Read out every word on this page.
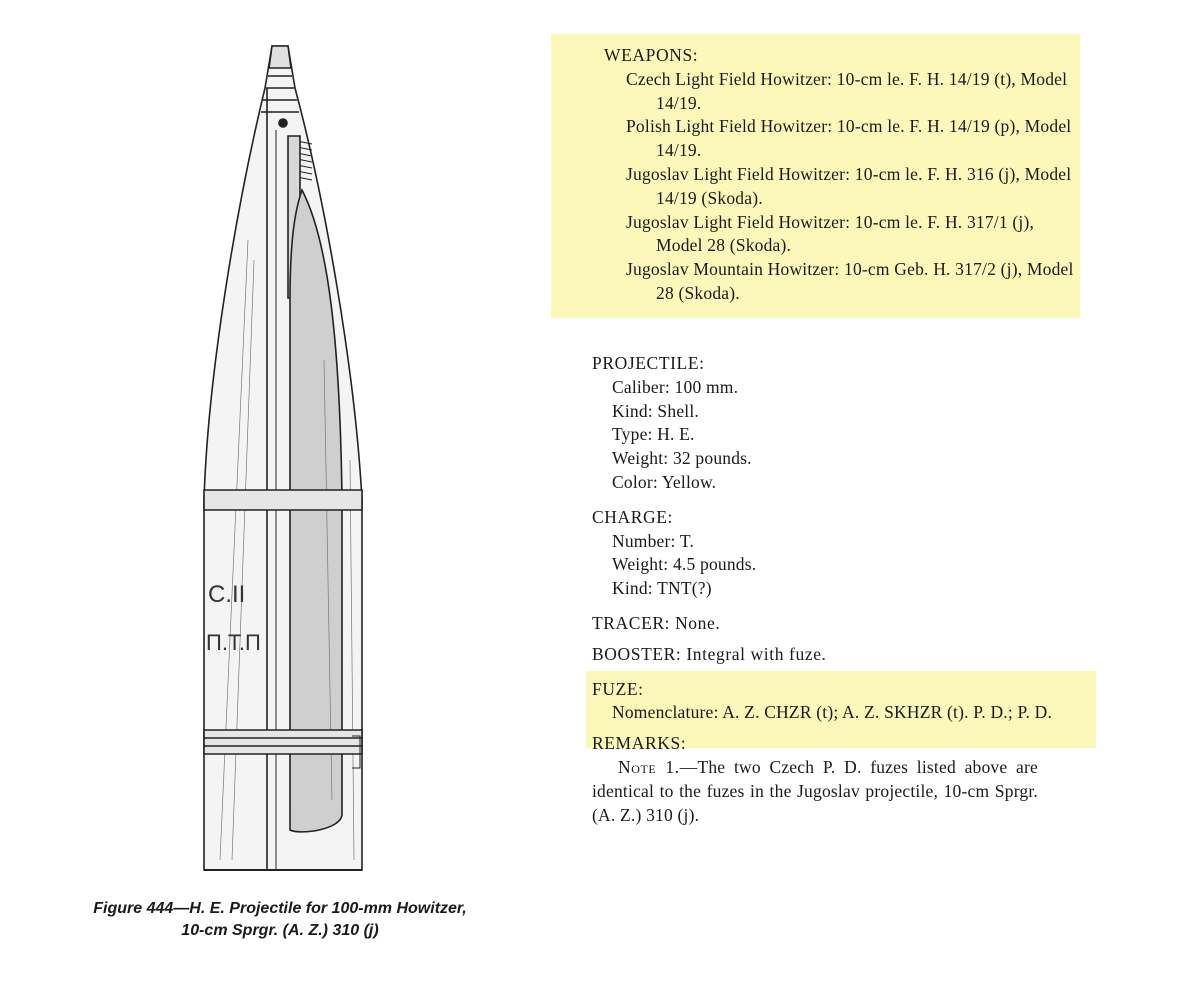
C.II
П.Т.П
Figure 444—H. E. Projectile for 100-mm Howitzer,
10-cm Sprgr. (A. Z.) 310 (j)
WEAPONS:
Czech Light Field Howitzer: 10-cm le. F. H. 14/19 (t), Model 14/19.
Polish Light Field Howitzer: 10-cm le. F. H. 14/19 (p), Model 14/19.
Jugoslav Light Field Howitzer: 10-cm le. F. H. 316 (j), Model 14/19 (Skoda).
Jugoslav Light Field Howitzer: 10-cm le. F. H. 317/1 (j), Model 28 (Skoda).
Jugoslav Mountain Howitzer: 10-cm Geb. H. 317/2 (j), Model 28 (Skoda).
PROJECTILE:
Caliber: 100 mm.
Kind: Shell.
Type: H. E.
Weight: 32 pounds.
Color: Yellow.
CHARGE:
Number: T.
Weight: 4.5 pounds.
Kind: TNT(?)
TRACER: None.
BOOSTER: Integral with fuze.
FUZE:
Nomenclature: A. Z. CHZR (t); A. Z. SKHZR (t). P. D.; P. D.
REMARKS:
Note 1.—The two Czech P. D. fuzes listed above are identical to the fuzes in the Jugoslav projectile, 10-cm Sprgr. (A. Z.) 310 (j).
